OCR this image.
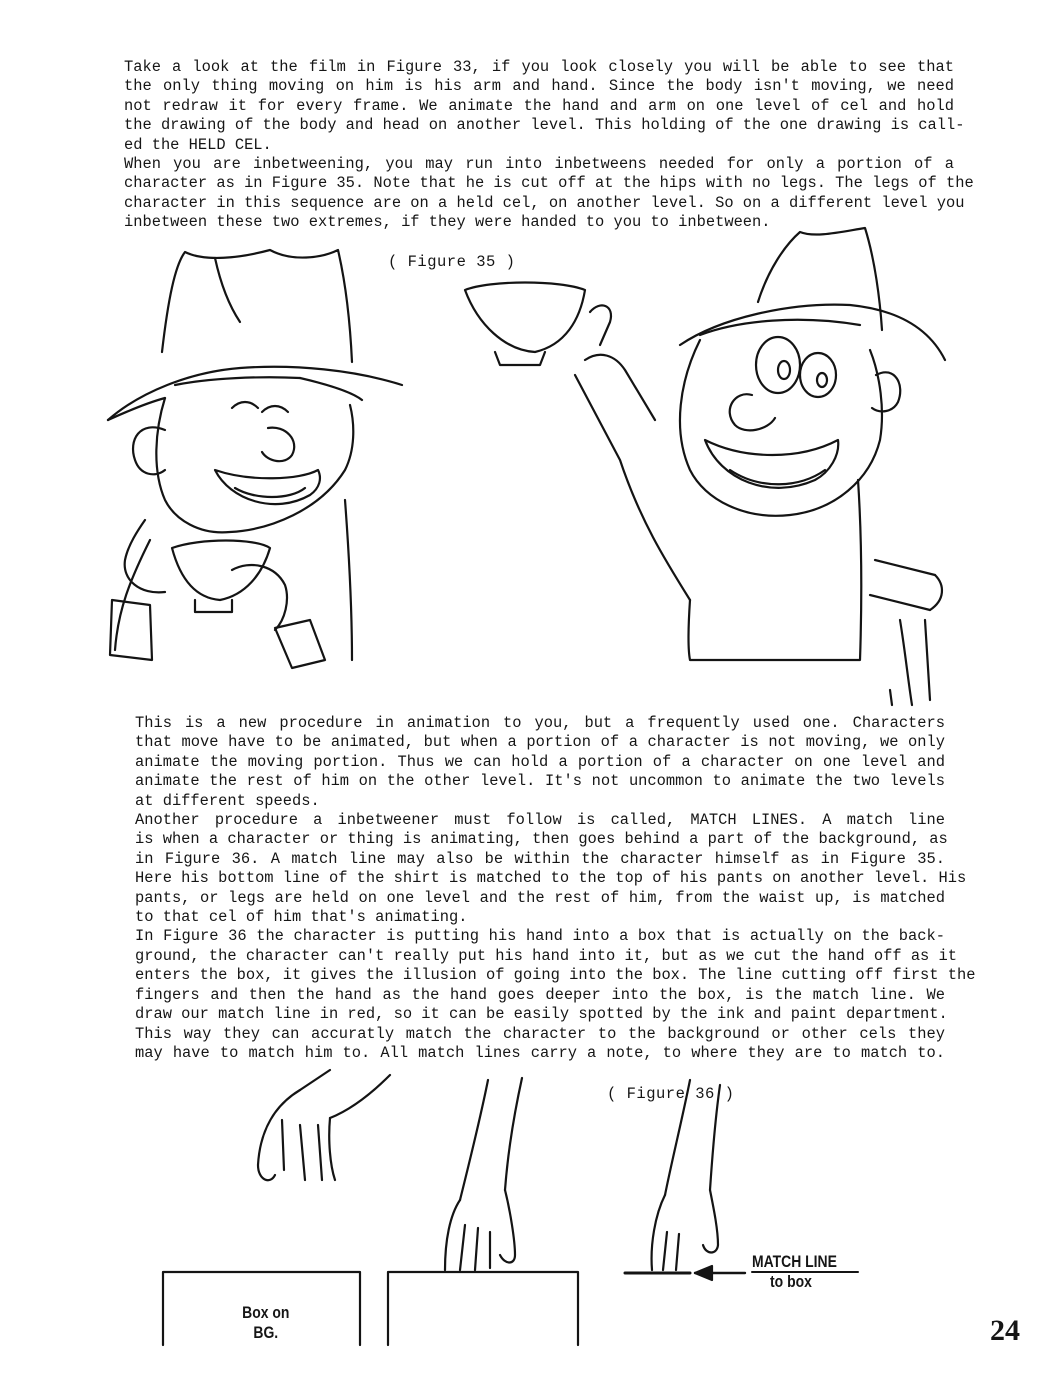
Take a look at the film in Figure 33, if you look closely you will be able to see that
the only thing moving on him is his arm and hand. Since the body isn't moving, we need
not redraw it for every frame. We animate the hand and arm on one level of cel and hold
the drawing of the body and head on another level. This holding of the one drawing is call-
ed the HELD CEL.
When you are inbetweening, you may run into inbetweens needed for only a portion of a
character as in Figure 35. Note that he is cut off at the hips with no legs. The legs of the
character in this sequence are on a held cel, on another level. So on a different level you
inbetween these two extremes, if they were handed to you to inbetween.
( Figure 35 )
This is a new procedure in animation to you, but a frequently used one. Characters
that move have to be animated, but when a portion of a character is not moving, we only
animate the moving portion. Thus we can hold a portion of a character on one level and
animate the rest of him on the other level. It's not uncommon to animate the two levels
at different speeds.
Another procedure a inbetweener must follow is called, MATCH LINES. A match line
is when a character or thing is animating, then goes behind a part of the background, as
in Figure 36. A match line may also be within the character himself as in Figure 35.
Here his bottom line of the shirt is matched to the top of his pants on another level. His
pants, or legs are held on one level and the rest of him, from the waist up, is matched
to that cel of him that's animating.
In Figure 36 the character is putting his hand into a box that is actually on the back-
ground, the character can't really put his hand into it, but as we cut the hand off as it
enters the box, it gives the illusion of going into the box. The line cutting off first the
fingers and then the hand as the hand goes deeper into the box, is the match line. We
draw our match line in red, so it can be easily spotted by the ink and paint department.
This way they can accuratly match the character to the background or other cels they
may have to match him to. All match lines carry a note, to where they are to match to.
( Figure 36 )
Box on
BG.
MATCH LINE
to box
24
